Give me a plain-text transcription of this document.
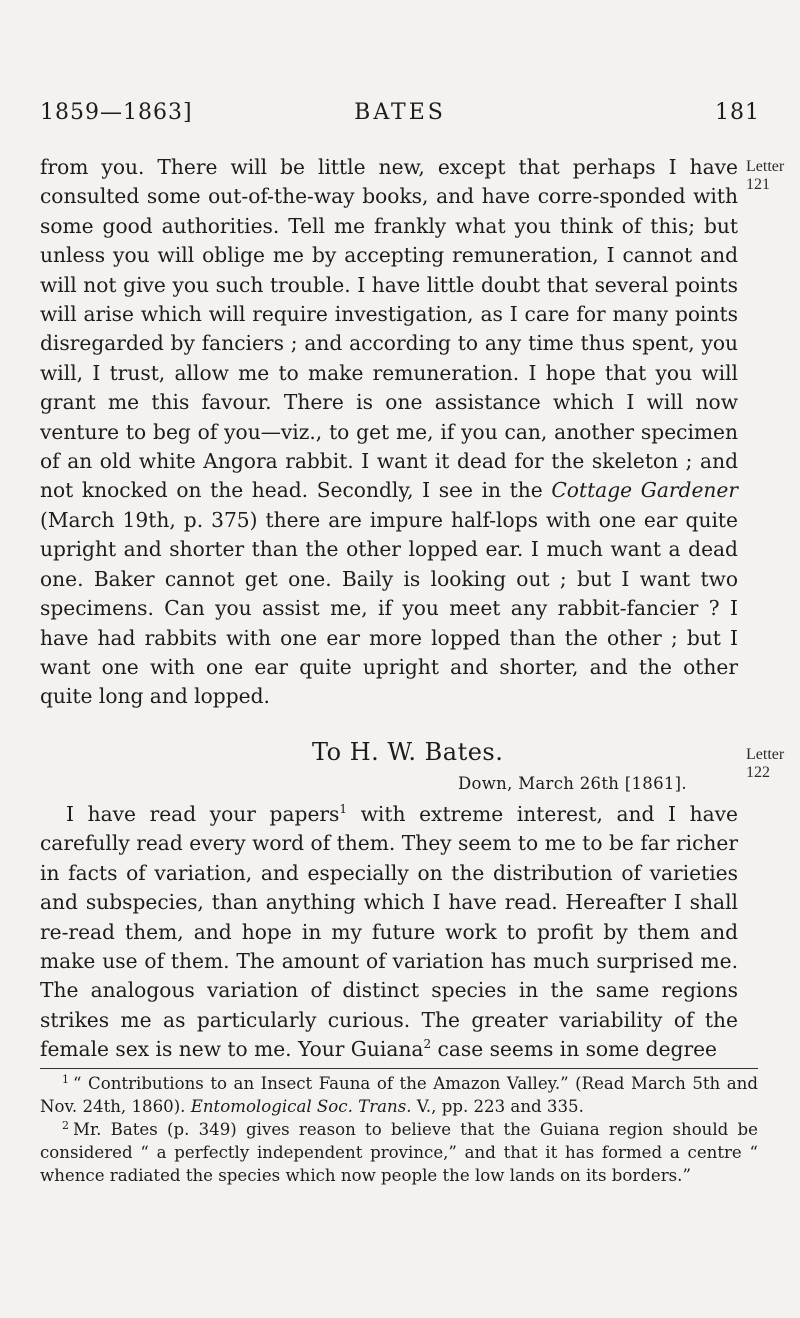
1859—1863]	BATES	181
Letter 121

from you. There will be little new, except that perhaps I have consulted some out-of-the-way books, and have corre-sponded with some good authorities. Tell me frankly what you think of this; but unless you will oblige me by accepting remuneration, I cannot and will not give you such trouble. I have little doubt that several points will arise which will require investigation, as I care for many points disregarded by fanciers ; and according to any time thus spent, you will, I trust, allow me to make remuneration. I hope that you will grant me this favour. There is one assistance which I will now venture to beg of you—viz., to get me, if you can, another specimen of an old white Angora rabbit. I want it dead for the skeleton ; and not knocked on the head. Secondly, I see in the Cottage Gardener (March 19th, p. 375) there are impure half-lops with one ear quite upright and shorter than the other lopped ear. I much want a dead one. Baker cannot get one. Baily is looking out ; but I want two specimens. Can you assist me, if you meet any rabbit-fancier ? I have had rabbits with one ear more lopped than the other ; but I want one with one ear quite upright and shorter, and the other quite long and lopped.

To H. W. Bates.	Letter 122
Down, March 26th [1861].

I have read your papers$^1$ with extreme interest, and I have carefully read every word of them. They seem to me to be far richer in facts of variation, and especially on the distribution of varieties and subspecies, than anything which I have read. Hereafter I shall re-read them, and hope in my future work to profit by them and make use of them. The amount of variation has much surprised me. The analogous variation of distinct species in the same regions strikes me as particularly curious. The greater variability of the female sex is new to me. Your Guiana$^2$ case seems in some degree

$^1$ “ Contributions to an Insect Fauna of the Amazon Valley.” (Read March 5th and Nov. 24th, 1860). Entomological Soc. Trans. V., pp. 223 and 335.

$^2$ Mr. Bates (p. 349) gives reason to believe that the Guiana region should be considered “ a perfectly independent province,” and that it has formed a centre “ whence radiated the species which now people the low lands on its borders.”
